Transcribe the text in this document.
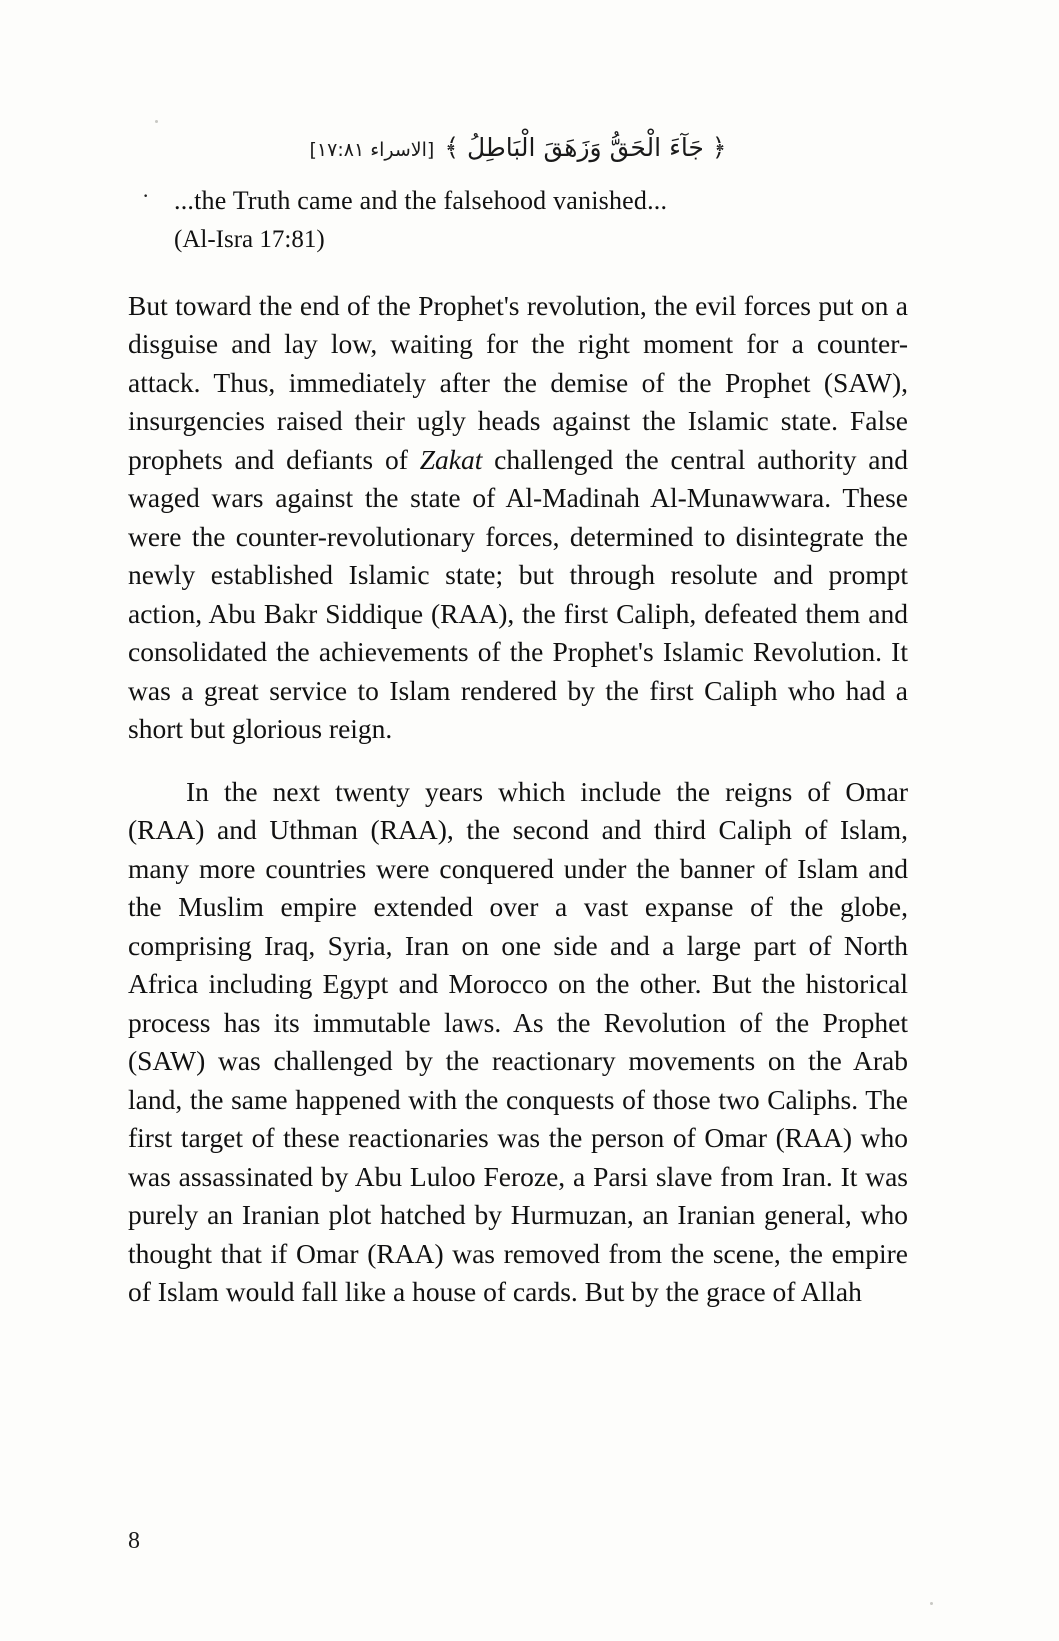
﴿ جَآءَ الْحَقُّ وَزَهَقَ الْبَاطِلُ ﴾[الاسراء ١٧:٨١]
· ...the Truth came and the falsehood vanished...
(Al-Isra 17:81)

But toward the end of the Prophet's revolution, the evil forces put on a disguise and lay low, waiting for the right moment for a counter-attack. Thus, immediately after the demise of the Prophet (SAW), insurgencies raised their ugly heads against the Islamic state. False prophets and defiants of Zakat challenged the central authority and waged wars against the state of Al-Madinah Al-Munawwara. These were the counter-revolutionary forces, determined to disintegrate the newly established Islamic state; but through resolute and prompt action, Abu Bakr Siddique (RAA), the first Caliph, defeated them and consolidated the achievements of the Prophet's Islamic Revolution. It was a great service to Islam rendered by the first Caliph who had a short but glorious reign.

In the next twenty years which include the reigns of Omar (RAA) and Uthman (RAA), the second and third Caliph of Islam, many more countries were conquered under the banner of Islam and the Muslim empire extended over a vast expanse of the globe, comprising Iraq, Syria, Iran on one side and a large part of North Africa including Egypt and Morocco on the other. But the historical process has its immutable laws. As the Revolution of the Prophet (SAW) was challenged by the reactionary movements on the Arab land, the same happened with the conquests of those two Caliphs. The first target of these reactionaries was the person of Omar (RAA) who was assassinated by Abu Luloo Feroze, a Parsi slave from Iran. It was purely an Iranian plot hatched by Hurmuzan, an Iranian general, who thought that if Omar (RAA) was removed from the scene, the empire of Islam would fall like a house of cards. But by the grace of Allah

8
